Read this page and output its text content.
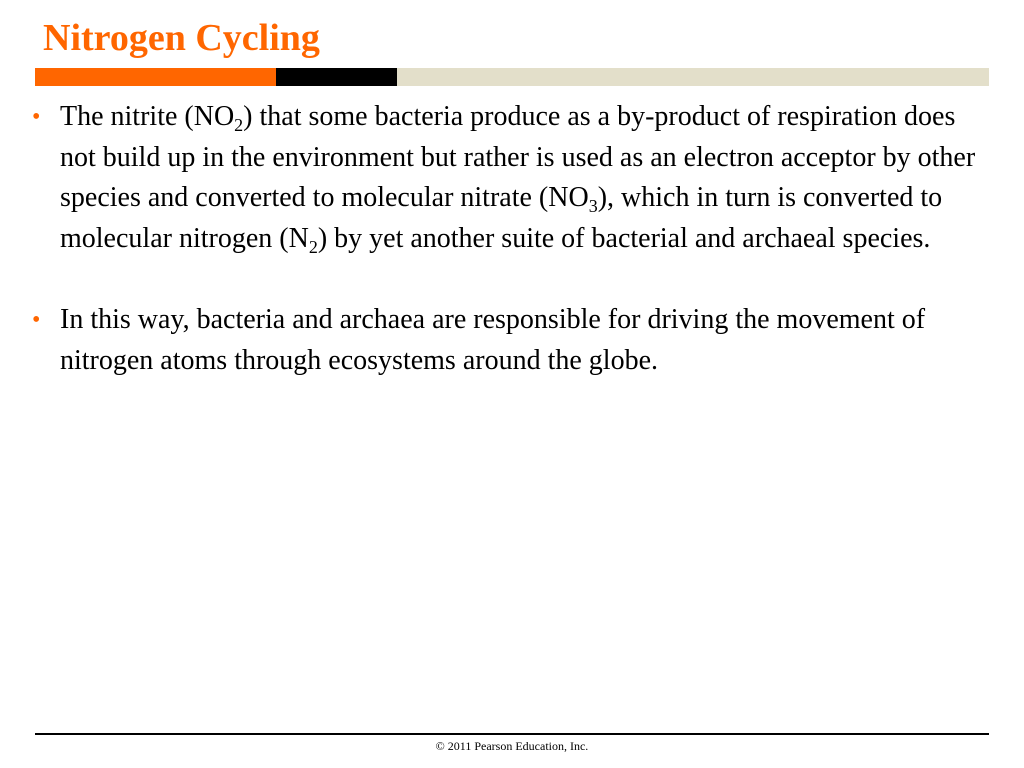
Nitrogen Cycling
• The nitrite $(NO_2)$ that some bacteria produce as a by-product of respiration does not build up in the environment but rather is used as an electron acceptor by other species and converted to molecular nitrate $(NO_3)$, which in turn is converted to molecular nitrogen $(N_2)$ by yet another suite of bacterial and archaeal species.
• In this way, bacteria and archaea are responsible for driving the movement of nitrogen atoms through ecosystems around the globe.
© 2011 Pearson Education, Inc.
